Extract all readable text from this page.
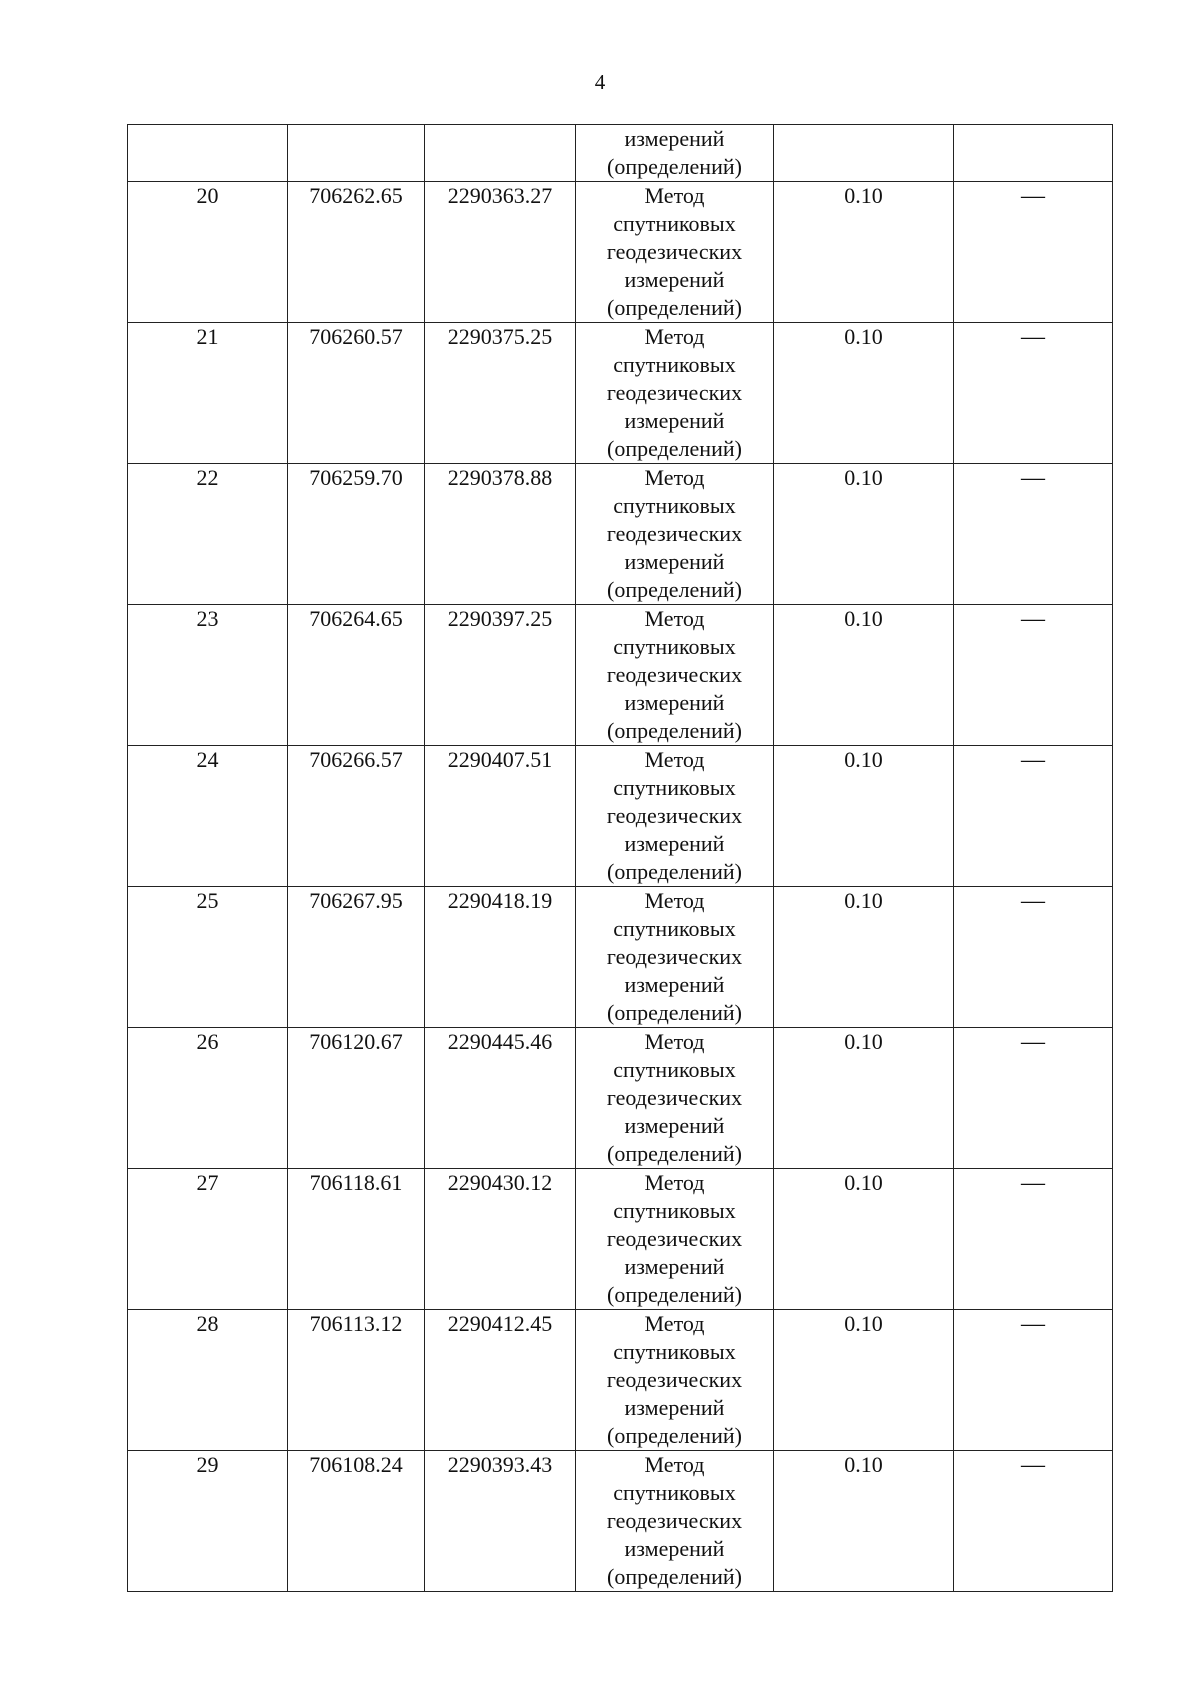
4

			измерений
(определений)		

20	706262.65	2290363.27	Метод
спутниковых
геодезических
измерений
(определений)	0.10	—
21	706260.57	2290375.25	Метод
спутниковых
геодезических
измерений
(определений)	0.10	—
22	706259.70	2290378.88	Метод
спутниковых
геодезических
измерений
(определений)	0.10	—
23	706264.65	2290397.25	Метод
спутниковых
геодезических
измерений
(определений)	0.10	—
24	706266.57	2290407.51	Метод
спутниковых
геодезических
измерений
(определений)	0.10	—
25	706267.95	2290418.19	Метод
спутниковых
геодезических
измерений
(определений)	0.10	—
26	706120.67	2290445.46	Метод
спутниковых
геодезических
измерений
(определений)	0.10	—
27	706118.61	2290430.12	Метод
спутниковых
геодезических
измерений
(определений)	0.10	—
28	706113.12	2290412.45	Метод
спутниковых
геодезических
измерений
(определений)	0.10	—
29	706108.24	2290393.43	Метод
спутниковых
геодезических
измерений
(определений)	0.10	—
